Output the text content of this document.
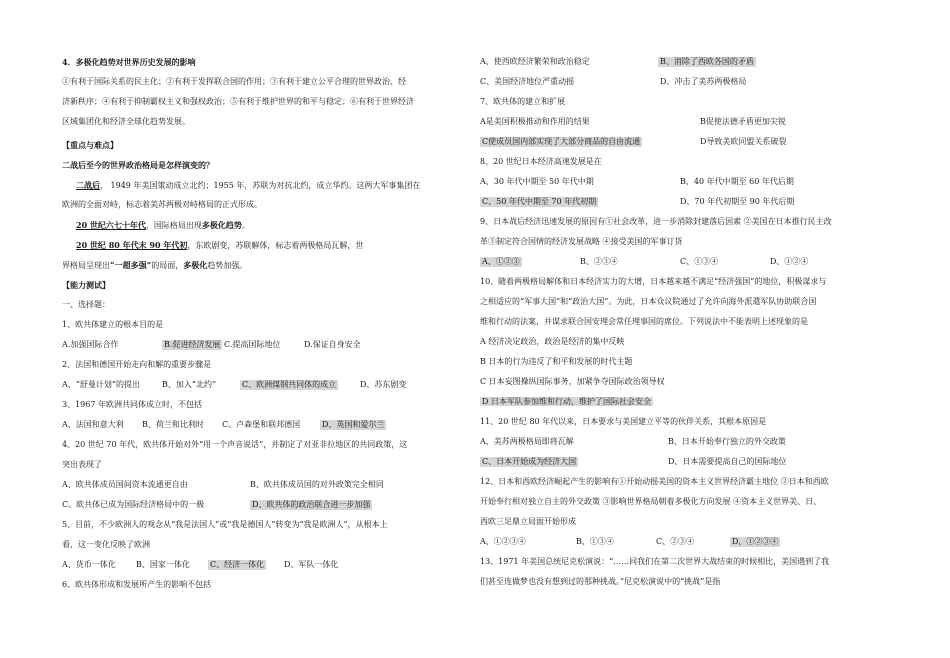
4．多极化趋势对世界历史发展的影响
①有利于国际关系的民主化；②有利于发挥联合国的作用；③有利于建立公平合理的世界政治、经
济新秩序；④有利于抑制霸权主义和强权政治；⑤有利于维护世界的和平与稳定；⑥有利于世界经济
区域集团化和经济全球化趋势发展。
【重点与难点】
二战后至今的世界政治格局是怎样演变的？
二战后， 1949 年美国策动成立北约；1955 年，苏联为对抗北约，成立华约。这两大军事集团在
欧洲的全面对峙，标志着美苏两极对峙格局的正式形成。
20 世纪六七十年代，国际格局出现多极化趋势。
20 世纪 80 年代末 90 年代初，东欧剧变，苏联解体，标志着两极格局瓦解，世
界格局呈现出“一超多强”的局面，多极化趋势加强。
【能力测试】
一、选择题：
1、欧共体建立的根本目的是
A.加强国际合作	B.促进经济发展 C.提高国际地位	D.保证自身安全
2、法国和德国开始走向和解的重要步骤是
A、“舒曼计划”的提出	B、加入“北约”	C、欧洲煤钢共同体的成立	D、苏东剧变
3、1967 年欧洲共同体成立时，不包括
A、法国和意大利 B、荷兰和比利时 C、卢森堡和联邦德国	D、英国和爱尔兰
4、20 世纪 70 年代，欧共体开始对外“用一个声音说话”，并制定了对亚非拉地区的共同政策，这
突出表现了
A、欧共体成员国间资本流通更自由	B、欧共体成员国的对外政策完全相同
C、欧共体已成为国际经济格局中的一极	D、欧共体的政治联合进一步加强
5、目前，不少欧洲人的观念从“我是法国人”或“我是德国人”转变为“我是欧洲人”，从根本上
看，这一变化反映了欧洲
A、货币一体化	B、国家一体化	C、经济一体化 D、军队一体化
6、欧共体形成和发展所产生的影响不包括
A、使西欧经济繁荣和政治稳定	B、消除了西欧各国的矛盾
C、美国经济地位严重动摇	D、冲击了美苏两极格局
7、欧共体的建立和扩展
A是美国积极推动和作用的结果	B促使法德矛盾更加尖锐
C使成员国内部实现了大部分商品的自由流通	D导致美欧同盟关系破裂
8、20 世纪日本经济高速发展是在
A、30 年代中期至 50 年代中期	B、40 年代中期至 60 年代后期
C、50 年代中期至 70 年代初期	D、70 年代初期至 90 年代后期
9、日本战后经济迅速发展的原因有①社会改革，进一步消除封建落后因素 ②美国在日本推行民主改
革③制定符合国情的经济发展战略 ④接受美国的军事订货
A、①②③	B、②③④	C、①③④	D、①②④
10、随着两极格局解体和日本经济实力的大增，日本越来越不满足“经济强国”的地位，积极谋求与
之相适应的“军事大国”和“政治大国”。为此，日本众议院通过了允许向海外派遣军队协助联合国
维和行动的法案，并谋求联合国安理会常任理事国的席位。下列说法中不能表明上述现象的是
A 经济决定政治，政治是经济的集中反映
B 日本的行为违反了和平和发展的时代主题
C 日本妄图操纵国际事务，加紧争夺国际政治领导权
D 日本军队参加维和行动，维护了国际社会安全
11、20 世纪 80 年代以来，日本要求与美国建立平等的伙伴关系，其根本原因是
A、美苏两极格局即将瓦解	B、日本开始奉行独立的外交政策
C、日本开始成为经济大国	D、日本需要提高自己的国际地位
12、日本和西欧经济崛起产生的影响有①开始动摇美国的资本主义世界经济霸主地位 ②日本和西欧
开始奉行相对独立自主的外交政策 ③影响世界格局朝着多极化方向发展 ④资本主义世界美、日、
西欧三足鼎立局面开始形成
A、①②③④	B、①③④	C、②③④	D、①②③④
13、1971 年美国总统尼克松演说：“……同我们在第二次世界大战结束的时候相比，美国遇到了我
们甚至连做梦也没有想到过的那种挑战。”尼克松演说中的“挑战”是指
